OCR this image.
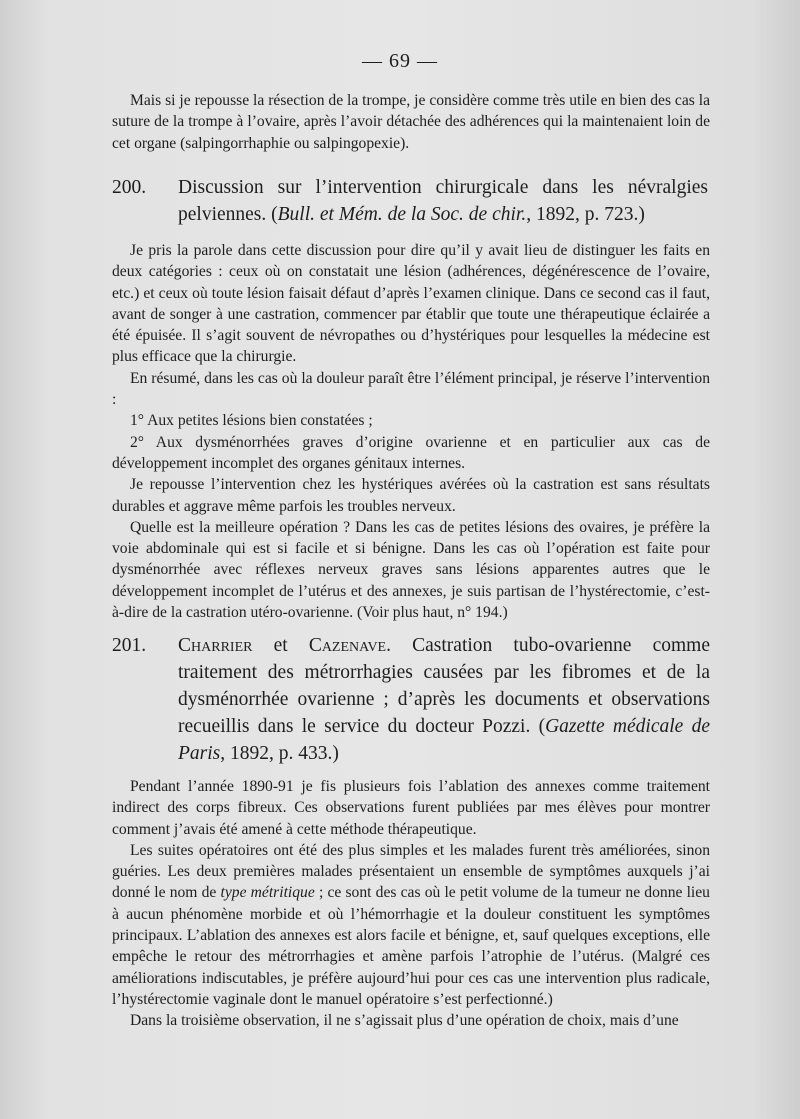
— 69 —

Mais si je repousse la résection de la trompe, je considère comme très utile en bien des cas la suture de la trompe à l’ovaire, après l’avoir détachée des adhérences qui la maintenaient loin de cet organe (salpingorrhaphie ou salpingopexie).

200.	Discussion sur l’intervention chirurgicale dans les névralgies pelviennes. (Bull. et Mém. de la Soc. de chir., 1892, p. 723.)

Je pris la parole dans cette discussion pour dire qu’il y avait lieu de distinguer les faits en deux catégories : ceux où on constatait une lésion (adhérences, dégénérescence de l’ovaire, etc.) et ceux où toute lésion faisait défaut d’après l’examen clinique. Dans ce second cas il faut, avant de songer à une castration, commencer par établir que toute une thérapeutique éclairée a été épuisée. Il s’agit souvent de névropathes ou d’hystériques pour lesquelles la médecine est plus efficace que la chirurgie.

En résumé, dans les cas où la douleur paraît être l’élément principal, je réserve l’intervention :

1° Aux petites lésions bien constatées ;

2° Aux dysménorrhées graves d’origine ovarienne et en particulier aux cas de développement incomplet des organes génitaux internes.

Je repousse l’intervention chez les hystériques avérées où la castration est sans résultats durables et aggrave même parfois les troubles nerveux.

Quelle est la meilleure opération ? Dans les cas de petites lésions des ovaires, je préfère la voie abdominale qui est si facile et si bénigne. Dans les cas où l’opération est faite pour dysménorrhée avec réflexes nerveux graves sans lésions apparentes autres que le développement incomplet de l’utérus et des annexes, je suis partisan de l’hystérectomie, c’est-à-dire de la castration utéro-ovarienne. (Voir plus haut, n° 194.)

201.	Charrier et Cazenave. Castration tubo-ovarienne comme traitement des métrorrhagies causées par les fibromes et de la dysménorrhée ovarienne ; d’après les documents et observations recueillis dans le service du docteur Pozzi. (Gazette médicale de Paris, 1892, p. 433.)

Pendant l’année 1890-91 je fis plusieurs fois l’ablation des annexes comme traitement indirect des corps fibreux. Ces observations furent publiées par mes élèves pour montrer comment j’avais été amené à cette méthode thérapeutique.

Les suites opératoires ont été des plus simples et les malades furent très améliorées, sinon guéries. Les deux premières malades présentaient un ensemble de symptômes auxquels j’ai donné le nom de type métritique ; ce sont des cas où le petit volume de la tumeur ne donne lieu à aucun phénomène morbide et où l’hémorrhagie et la douleur constituent les symptômes principaux. L’ablation des annexes est alors facile et bénigne, et, sauf quelques exceptions, elle empêche le retour des métrorrhagies et amène parfois l’atrophie de l’utérus. (Malgré ces améliorations indiscutables, je préfère aujourd’hui pour ces cas une intervention plus radicale, l’hystérectomie vaginale dont le manuel opératoire s’est perfectionné.)

Dans la troisième observation, il ne s’agissait plus d’une opération de choix, mais d’une
